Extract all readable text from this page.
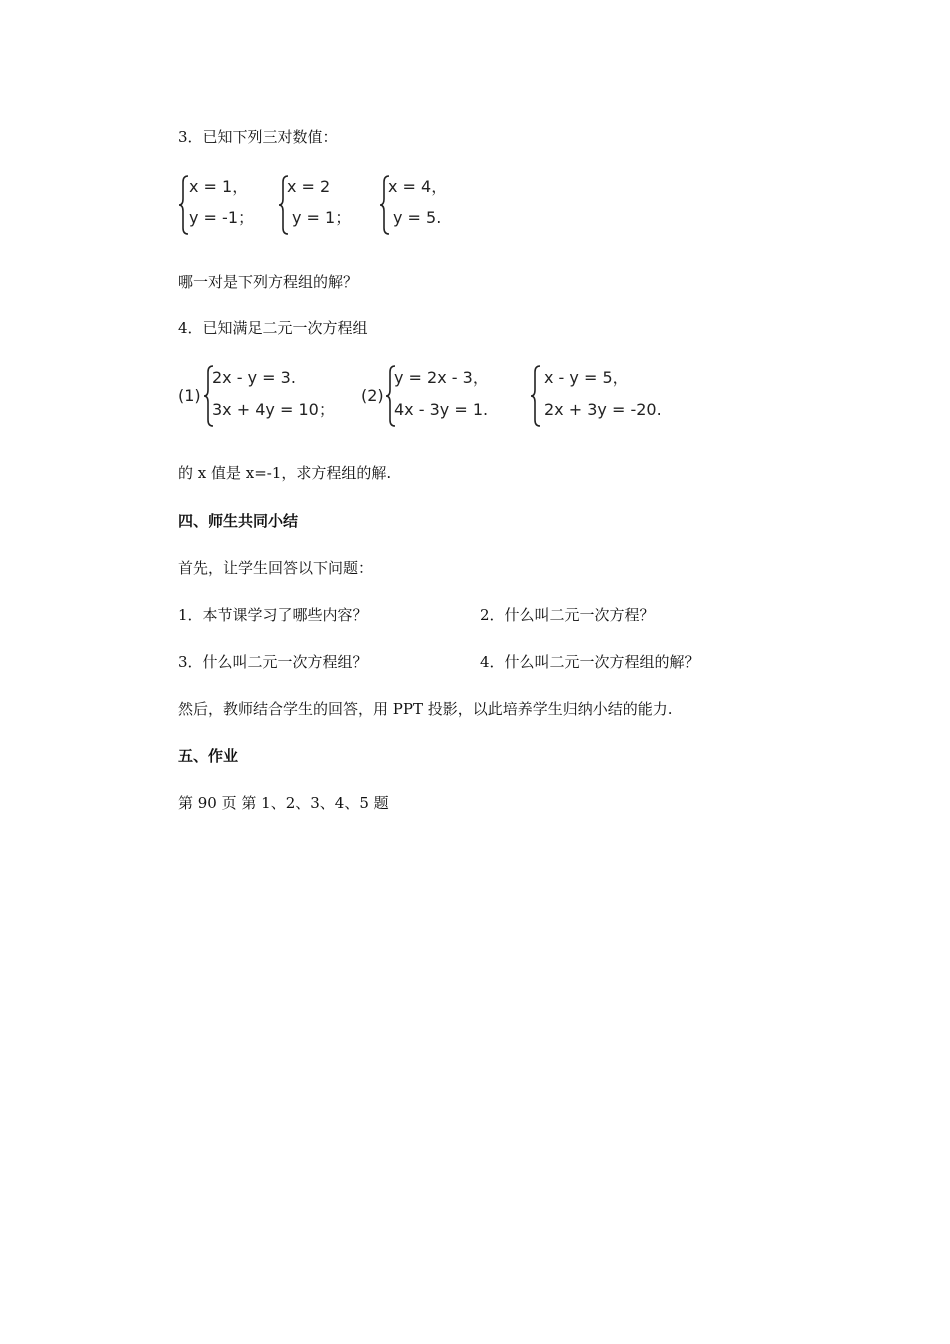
3．已知下列三对数值：
x = 1，
y = -1；
x = 2
y = 1；
x = 4，
y = 5.
哪一对是下列方程组的解？
4．已知满足二元一次方程组
(1)
2x - y = 3.
3x + 4y = 10；
(2)
y = 2x - 3，
4x - 3y = 1.
x - y = 5，
2x + 3y = -20.
的 x 值是 x=-1，求方程组的解.
四、师生共同小结
首先，让学生回答以下问题：
1．本节课学习了哪些内容？	2．什么叫二元一次方程？
3．什么叫二元一次方程组？	4．什么叫二元一次方程组的解？
然后，教师结合学生的回答，用 PPT 投影，以此培养学生归纳小结的能力.
五、作业
第 90 页 第 1、2、3、4、5 题
